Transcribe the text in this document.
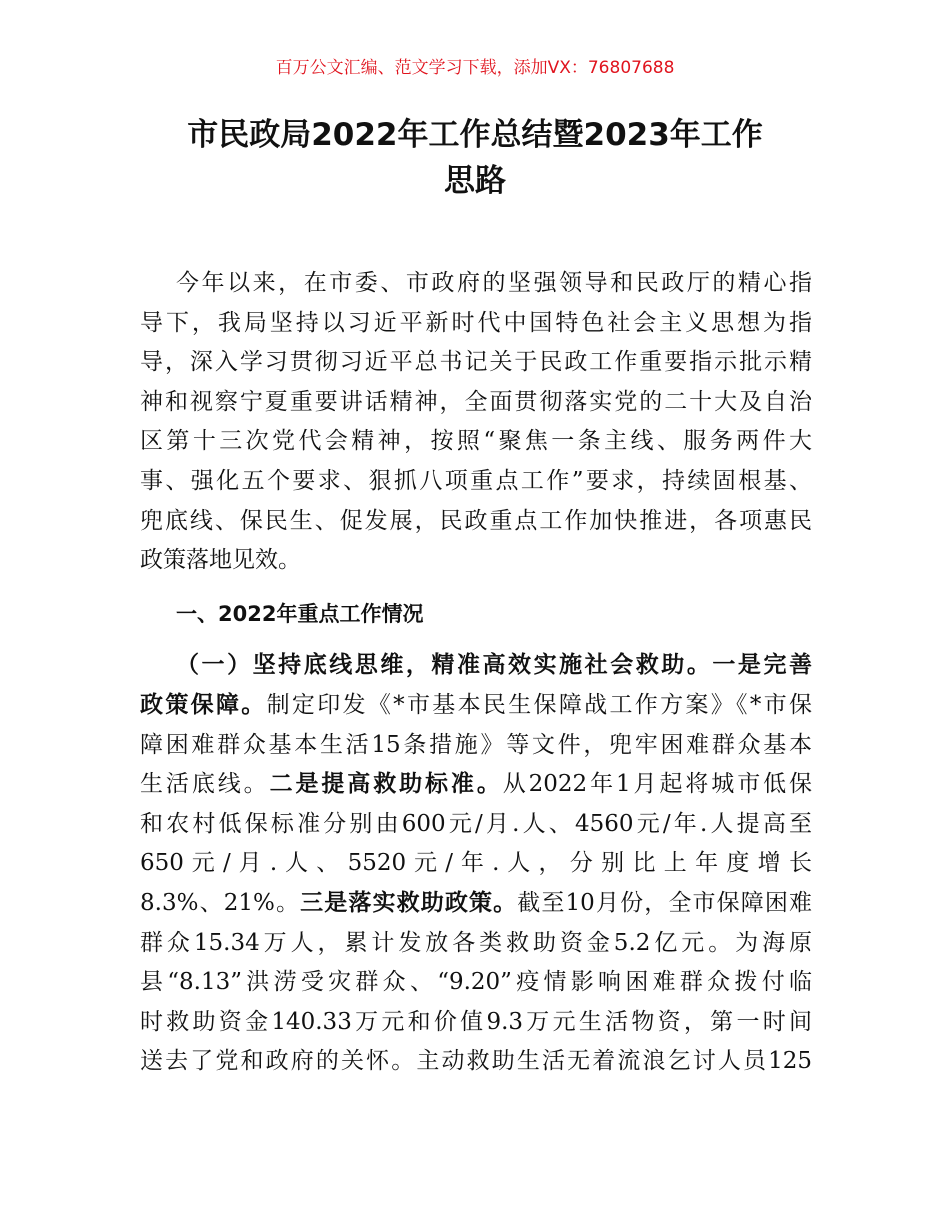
百万公文汇编、范文学习下载，添加VX：76807688
市民政局2022年工作总结暨2023年工作
思路
今年以来，在市委、市政府的坚强领导和民政厅的精心指
导下，我局坚持以习近平新时代中国特色社会主义思想为指
导，深入学习贯彻习近平总书记关于民政工作重要指示批示精
神和视察宁夏重要讲话精神，全面贯彻落实党的二十大及自治
区第十三次党代会精神，按照“聚焦一条主线、服务两件大
事、强化五个要求、狠抓八项重点工作”要求，持续固根基、
兜底线、保民生、促发展，民政重点工作加快推进，各项惠民
政策落地见效。
一、2022年重点工作情况
（一）坚持底线思维，精准高效实施社会救助。一是完善
政策保障。制定印发《*市基本民生保障战工作方案》《*市保
障困难群众基本生活15条措施》等文件，兜牢困难群众基本
生活底线。二是提高救助标准。从2022年1月起将城市低保
和农村低保标准分别由600元/月.人、4560元/年.人提高至
650 元 / 月 . 人 、 5520 元 / 年 . 人 ， 分 别 比 上 年 度 增 长
8.3%、21%。三是落实救助政策。截至10月份，全市保障困难
群众15.34万人，累计发放各类救助资金5.2亿元。为海原
县“8.13”洪涝受灾群众、“9.20”疫情影响困难群众拨付临
时救助资金140.33万元和价值9.3万元生活物资，第一时间
送去了党和政府的关怀。主动救助生活无着流浪乞讨人员125
